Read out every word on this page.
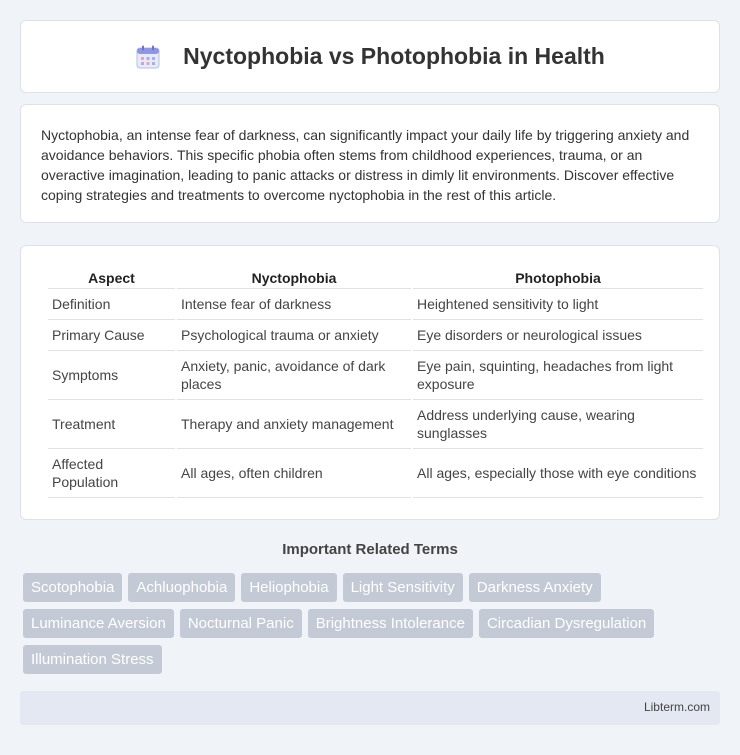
Nyctophobia vs Photophobia in Health

Nyctophobia, an intense fear of darkness, can significantly impact your daily life by triggering anxiety and avoidance behaviors. This specific phobia often stems from childhood experiences, trauma, or an overactive imagination, leading to panic attacks or distress in dimly lit environments. Discover effective coping strategies and treatments to overcome nyctophobia in the rest of this article.

Aspect	Nyctophobia	Photophobia
Definition	Intense fear of darkness	Heightened sensitivity to light
Primary Cause	Psychological trauma or anxiety	Eye disorders or neurological issues
Symptoms	Anxiety, panic, avoidance of dark places	Eye pain, squinting, headaches from light exposure
Treatment	Therapy and anxiety management	Address underlying cause, wearing sunglasses
Affected Population	All ages, often children	All ages, especially those with eye conditions
Important Related Terms
Scotophobia	Achluophobia	Heliophobia	Light Sensitivity	Darkness Anxiety
Luminance Aversion	Nocturnal Panic	Brightness Intolerance	Circadian Dysregulation
Illumination Stress
Libterm.com
